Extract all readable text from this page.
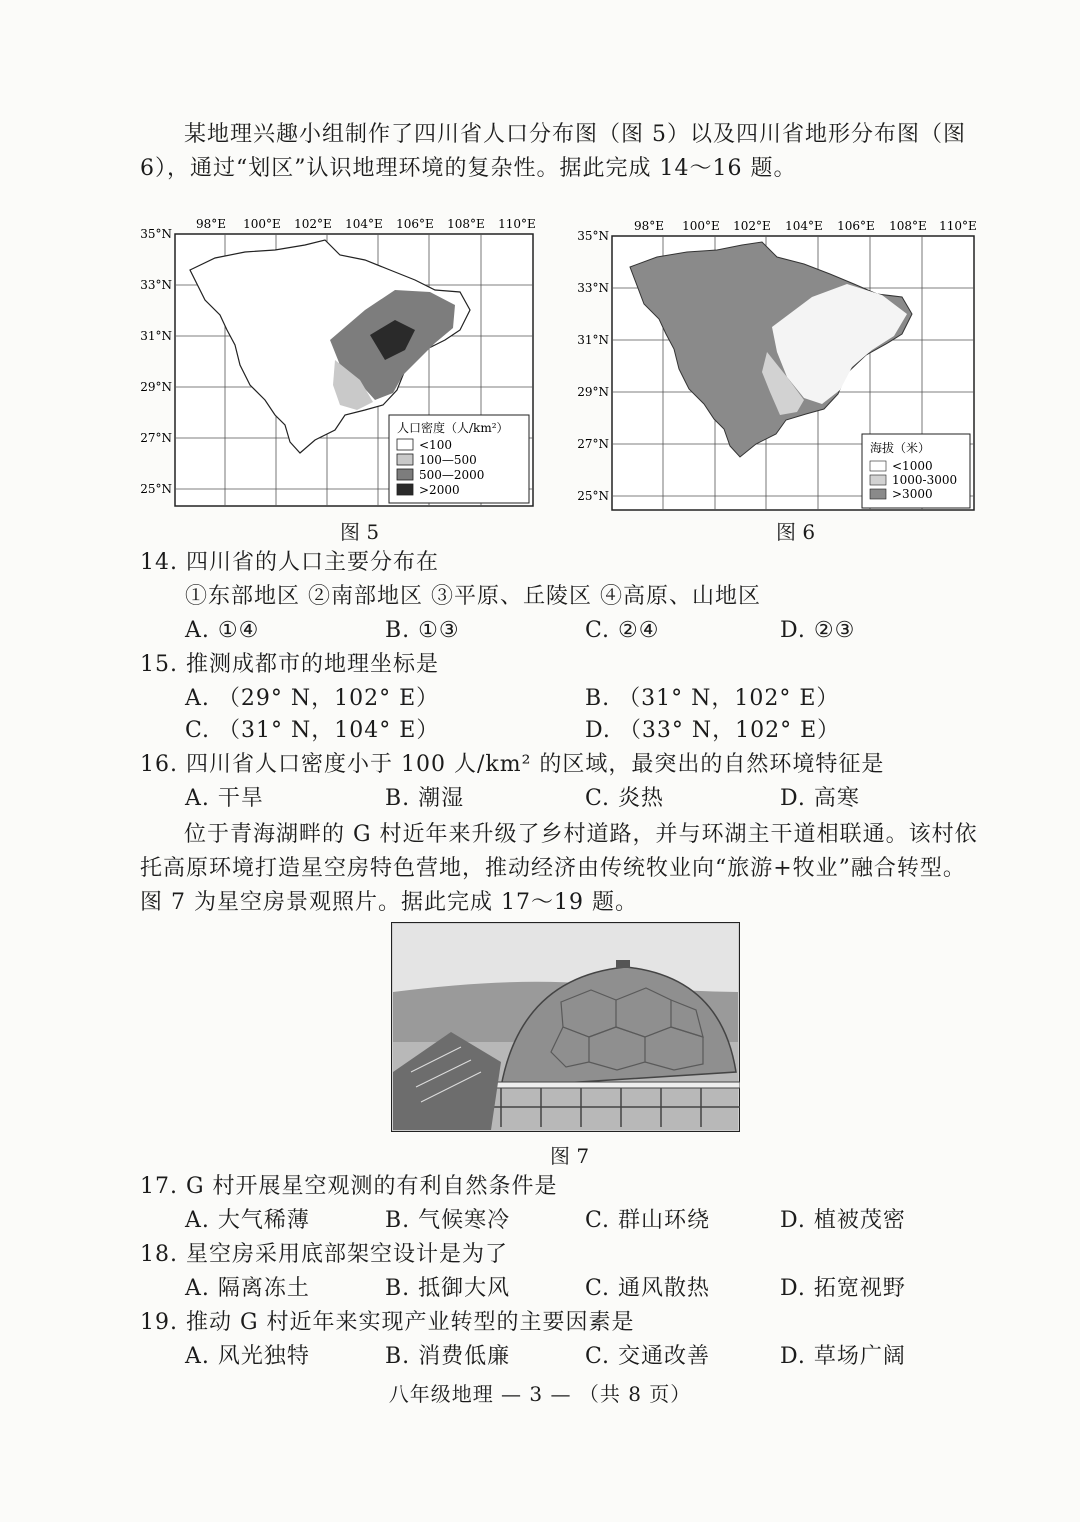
某地理兴趣小组制作了四川省人口分布图（图 5）以及四川省地形分布图（图
6），通过“划区”认识地理环境的复杂性。据此完成 14～16 题。
人口密度（人/km²）
<100
100—500
500—2000
>2000
98°E 100°E 102°E 104°E 106°E 108°E 110°E
35°N
33°N
31°N
29°N
27°N
25°N
图 5
海拔（米）
<1000
1000-3000
>3000
98°E 100°E 102°E 104°E 106°E 108°E 110°E
35°N
33°N
31°N
29°N
27°N
25°N
图 6
14. 四川省的人口主要分布在
①东部地区 ②南部地区 ③平原、丘陵区 ④高原、山地区
A. ①④	B. ①③	C. ②④	D. ②③
15. 推测成都市的地理坐标是
A. （29° N，102° E）	B. （31° N，102° E）
C. （31° N，104° E）	D. （33° N，102° E）
16. 四川省人口密度小于 100 人/km² 的区域，最突出的自然环境特征是
A. 干旱	B. 潮湿	C. 炎热	D. 高寒
位于青海湖畔的 G 村近年来升级了乡村道路，并与环湖主干道相联通。该村依
托高原环境打造星空房特色营地，推动经济由传统牧业向“旅游+牧业”融合转型。
图 7 为星空房景观照片。据此完成 17～19 题。
图 7
17. G 村开展星空观测的有利自然条件是
A. 大气稀薄	B. 气候寒冷	C. 群山环绕	D. 植被茂密
18. 星空房采用底部架空设计是为了
A. 隔离冻土	B. 抵御大风	C. 通风散热	D. 拓宽视野
19. 推动 G 村近年来实现产业转型的主要因素是
A. 风光独特	B. 消费低廉	C. 交通改善	D. 草场广阔
八年级地理 — 3 — （共 8 页）
